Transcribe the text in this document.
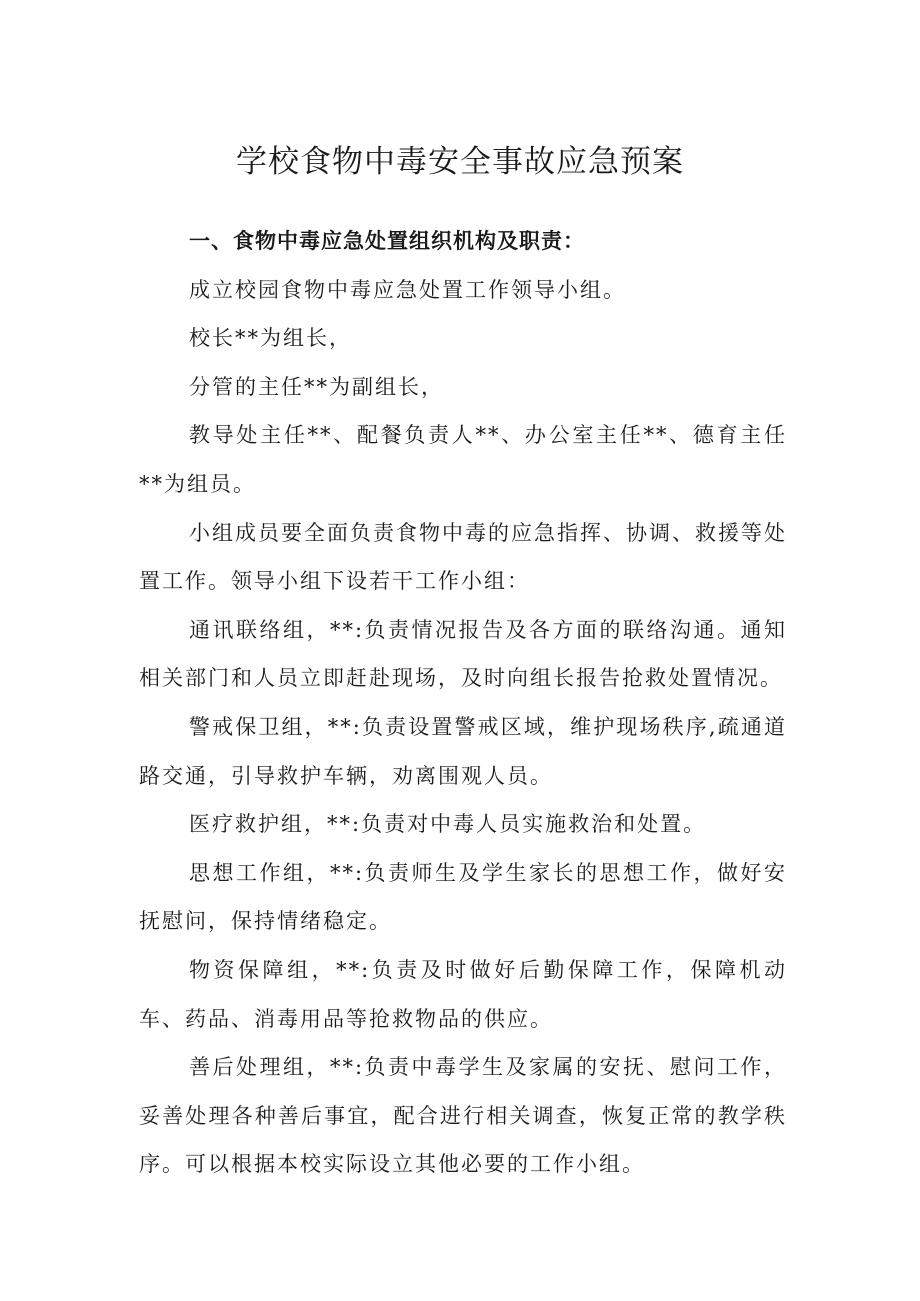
学校食物中毒安全事故应急预案
一、食物中毒应急处置组织机构及职责：

成立校园食物中毒应急处置工作领导小组。

校长**为组长，

分管的主任**为副组长，

教导处主任**、配餐负责人**、办公室主任**、德育主任**为组员。

小组成员要全面负责食物中毒的应急指挥、协调、救援等处置工作。领导小组下设若干工作小组：

通讯联络组，**:负责情况报告及各方面的联络沟通。通知相关部门和人员立即赶赴现场，及时向组长报告抢救处置情况。

警戒保卫组，**:负责设置警戒区域，维护现场秩序,疏通道路交通，引导救护车辆，劝离围观人员。

医疗救护组，**:负责对中毒人员实施救治和处置。

思想工作组，**:负责师生及学生家长的思想工作，做好安抚慰问，保持情绪稳定。

物资保障组，**:负责及时做好后勤保障工作，保障机动车、药品、消毒用品等抢救物品的供应。

善后处理组，**:负责中毒学生及家属的安抚、慰问工作，妥善处理各种善后事宜，配合进行相关调查，恢复正常的教学秩序。可以根据本校实际设立其他必要的工作小组。
